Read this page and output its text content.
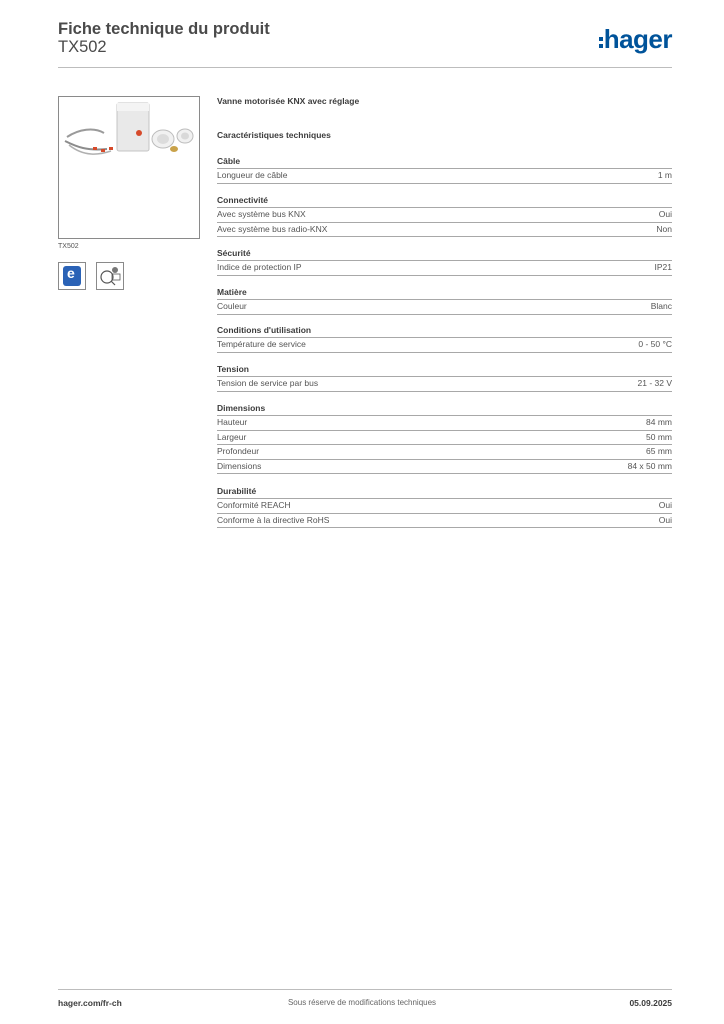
Fiche technique du produit
TX502	hager
TX502
e
Vanne motorisée KNX avec réglage
Caractéristiques techniques
Câble
Longueur de câble	1 m
Connectivité
Avec système bus KNX	Oui
Avec système bus radio-KNX	Non
Sécurité
Indice de protection IP	IP21
Matière
Couleur	Blanc
Conditions d'utilisation
Température de service	0 - 50 °C
Tension
Tension de service par bus	21 - 32 V
Dimensions
Hauteur	84 mm
Largeur	50 mm
Profondeur	65 mm
Dimensions	84 x 50 mm
Durabilité
Conformité REACH	Oui
Conforme à la directive RoHS	Oui
hager.com/fr-ch	Sous réserve de modifications techniques	05.09.2025
